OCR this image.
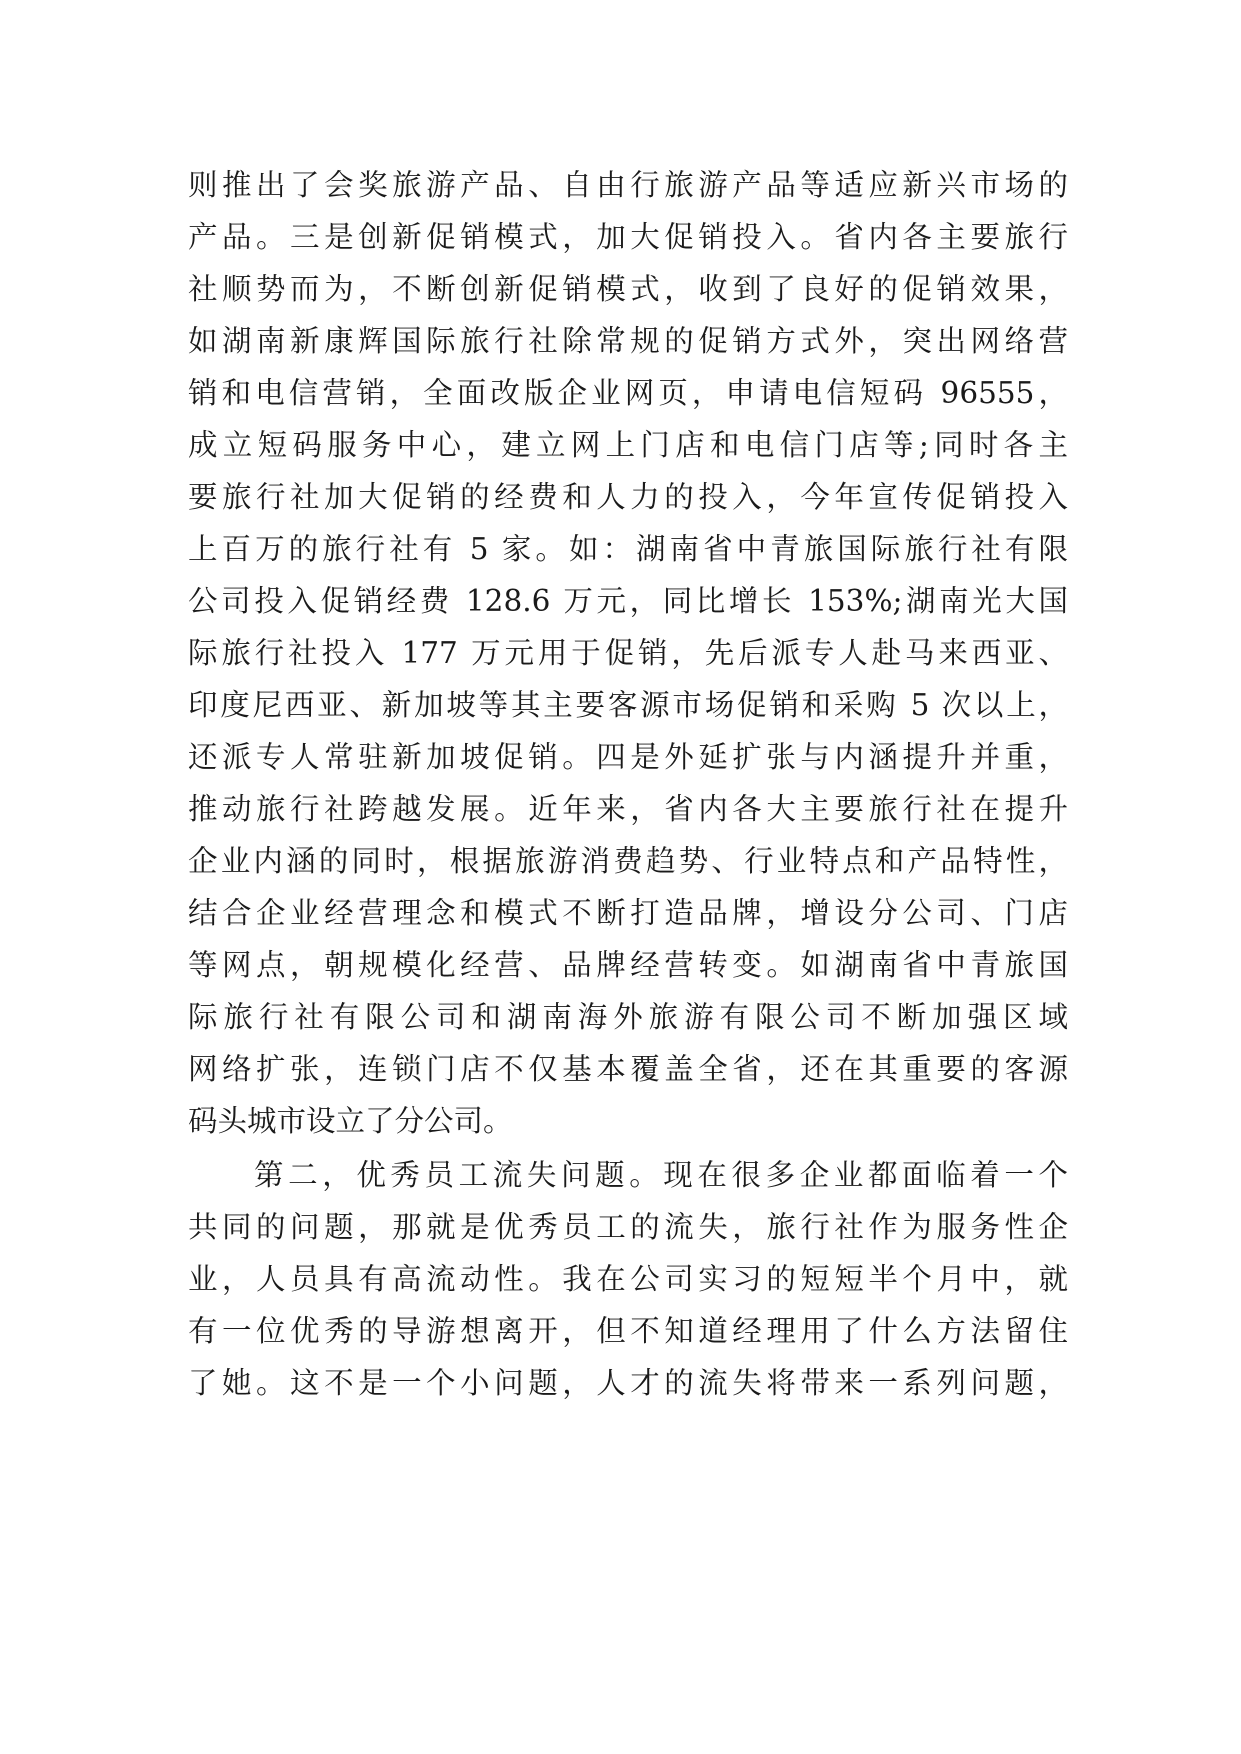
则推出了会奖旅游产品、自由行旅游产品等适应新兴市场的
产品。三是创新促销模式，加大促销投入。省内各主要旅行
社顺势而为，不断创新促销模式，收到了良好的促销效果，
如湖南新康辉国际旅行社除常规的促销方式外，突出网络营
销和电信营销，全面改版企业网页，申请电信短码 96555，
成立短码服务中心，建立网上门店和电信门店等;同时各主
要旅行社加大促销的经费和人力的投入，今年宣传促销投入
上百万的旅行社有 5 家。如：湖南省中青旅国际旅行社有限
公司投入促销经费 128.6 万元，同比增长 153%;湖南光大国
际旅行社投入 177 万元用于促销，先后派专人赴马来西亚、
印度尼西亚、新加坡等其主要客源市场促销和采购 5 次以上，
还派专人常驻新加坡促销。四是外延扩张与内涵提升并重，
推动旅行社跨越发展。近年来，省内各大主要旅行社在提升
企业内涵的同时，根据旅游消费趋势、行业特点和产品特性，
结合企业经营理念和模式不断打造品牌，增设分公司、门店
等网点，朝规模化经营、品牌经营转变。如湖南省中青旅国
际旅行社有限公司和湖南海外旅游有限公司不断加强区域
网络扩张，连锁门店不仅基本覆盖全省，还在其重要的客源
码头城市设立了分公司。
第二，优秀员工流失问题。现在很多企业都面临着一个
共同的问题，那就是优秀员工的流失，旅行社作为服务性企
业，人员具有高流动性。我在公司实习的短短半个月中，就
有一位优秀的导游想离开，但不知道经理用了什么方法留住
了她。这不是一个小问题，人才的流失将带来一系列问题，
